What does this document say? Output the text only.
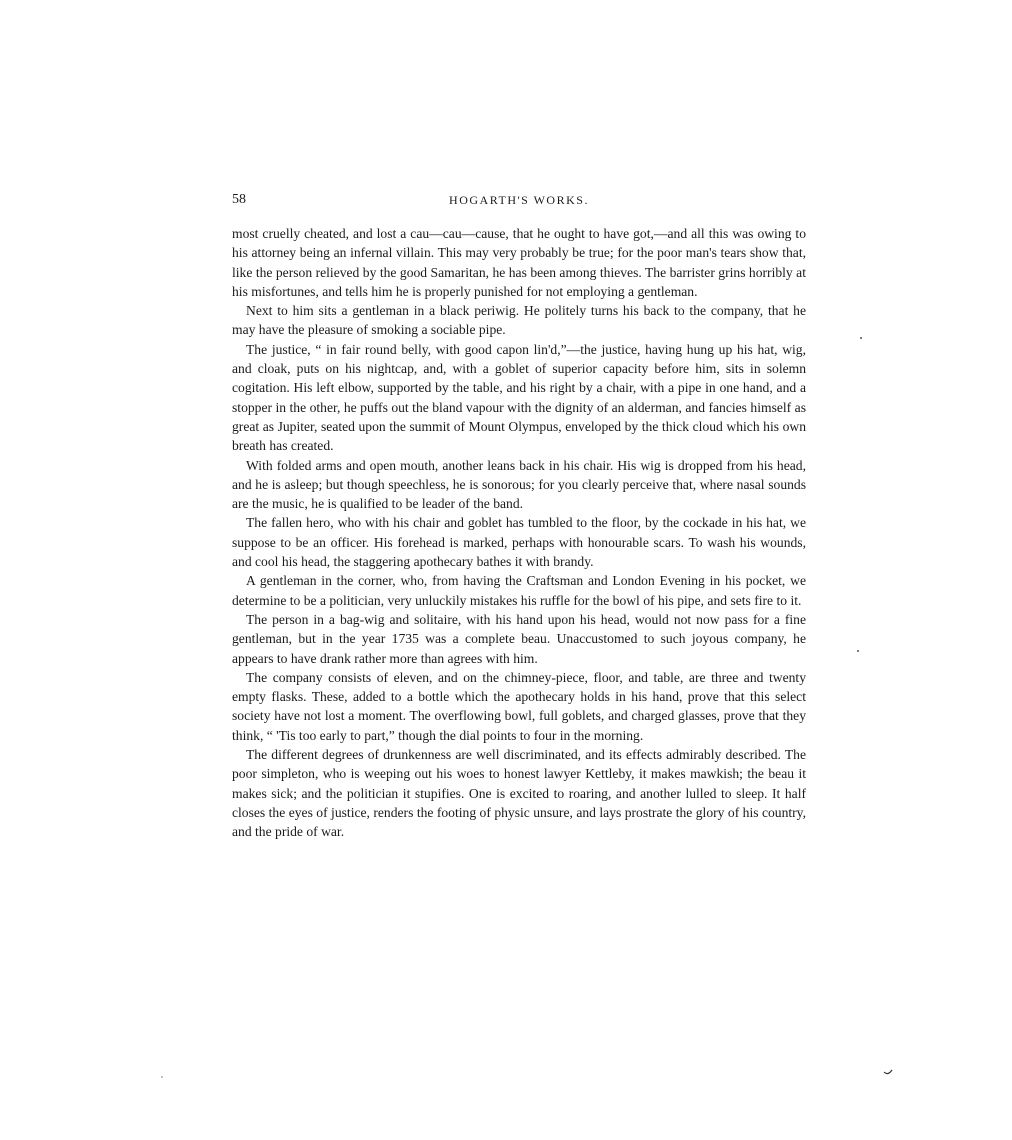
58	HOGARTH'S WORKS.

most cruelly cheated, and lost a cau—cau—cause, that he ought to have got,—and all this was owing to his attorney being an infernal villain. This may very probably be true; for the poor man's tears show that, like the person relieved by the good Samaritan, he has been among thieves. The barrister grins horribly at his misfortunes, and tells him he is properly punished for not employing a gentleman.

Next to him sits a gentleman in a black periwig. He politely turns his back to the company, that he may have the pleasure of smoking a sociable pipe.

The justice, “ in fair round belly, with good capon lin'd,”—the justice, having hung up his hat, wig, and cloak, puts on his nightcap, and, with a goblet of superior capacity before him, sits in solemn cogitation. His left elbow, supported by the table, and his right by a chair, with a pipe in one hand, and a stopper in the other, he puffs out the bland vapour with the dignity of an alderman, and fancies himself as great as Jupiter, seated upon the summit of Mount Olympus, enveloped by the thick cloud which his own breath has created.

With folded arms and open mouth, another leans back in his chair. His wig is dropped from his head, and he is asleep; but though speechless, he is sonorous; for you clearly perceive that, where nasal sounds are the music, he is qualified to be leader of the band.

The fallen hero, who with his chair and goblet has tumbled to the floor, by the cockade in his hat, we suppose to be an officer. His forehead is marked, perhaps with honourable scars. To wash his wounds, and cool his head, the staggering apothecary bathes it with brandy.

A gentleman in the corner, who, from having the Craftsman and London Evening in his pocket, we determine to be a politician, very unluckily mistakes his ruffle for the bowl of his pipe, and sets fire to it.

The person in a bag-wig and solitaire, with his hand upon his head, would not now pass for a fine gentleman, but in the year 1735 was a complete beau. Unaccustomed to such joyous company, he appears to have drank rather more than agrees with him.

The company consists of eleven, and on the chimney-piece, floor, and table, are three and twenty empty flasks. These, added to a bottle which the apothecary holds in his hand, prove that this select society have not lost a moment. The overflowing bowl, full goblets, and charged glasses, prove that they think, “ 'Tis too early to part,” though the dial points to four in the morning.

The different degrees of drunkenness are well discriminated, and its effects admirably described. The poor simpleton, who is weeping out his woes to honest lawyer Kettleby, it makes mawkish; the beau it makes sick; and the politician it stupifies. One is excited to roaring, and another lulled to sleep. It half closes the eyes of justice, renders the footing of physic unsure, and lays prostrate the glory of his country, and the pride of war.
